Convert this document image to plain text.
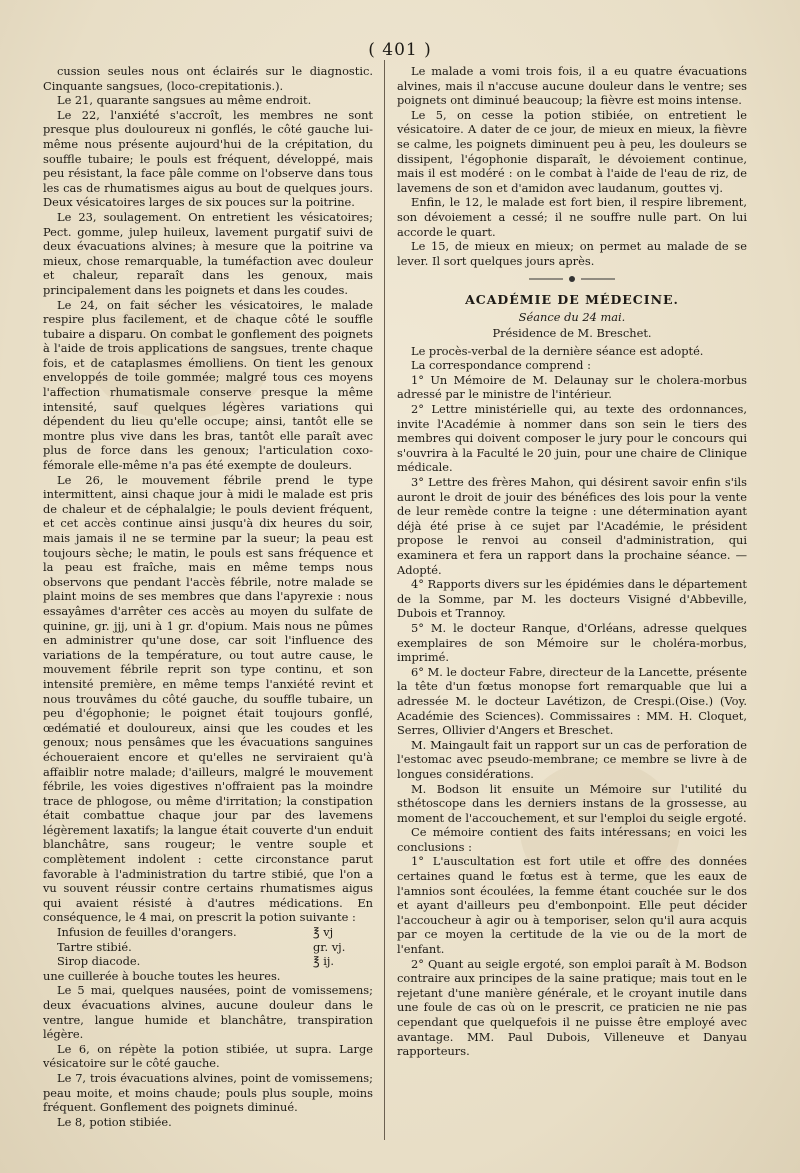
( 401 )

cussion seules nous ont éclairés sur le diagnostic. Cinquante sangsues, (loco-crepitationis.).

Le 21, quarante sangsues au même endroit.

Le 22, l'anxiété s'accroît, les membres ne sont presque plus douloureux ni gonflés, le côté gauche lui-même nous présente aujourd'hui de la crépitation, du souffle tubaire; le pouls est fréquent, développé, mais peu résistant, la face pâle comme on l'observe dans tous les cas de rhumatismes aigus au bout de quelques jours. Deux vésicatoires larges de six pouces sur la poitrine.

Le 23, soulagement. On entretient les vésicatoires; Pect. gomme, julep huileux, lavement purgatif suivi de deux évacuations alvines; à mesure que la poitrine va mieux, chose remarquable, la tuméfaction avec douleur et chaleur, reparaît dans les genoux, mais principalement dans les poignets et dans les coudes.

Le 24, on fait sécher les vésicatoires, le malade respire plus facilement, et de chaque côté le souffle tubaire a disparu. On combat le gonflement des poignets à l'aide de trois applications de sangsues, trente chaque fois, et de cataplasmes émolliens. On tient les genoux enveloppés de toile gommée; malgré tous ces moyens l'affection rhumatismale conserve presque la même intensité, sauf quelques légères variations qui dépendent du lieu qu'elle occupe; ainsi, tantôt elle se montre plus vive dans les bras, tantôt elle paraît avec plus de force dans les genoux; l'articulation coxo-fémorale elle-même n'a pas été exempte de douleurs.

Le 26, le mouvement fébrile prend le type intermittent, ainsi chaque jour à midi le malade est pris de chaleur et de céphalalgie; le pouls devient fréquent, et cet accès continue ainsi jusqu'à dix heures du soir, mais jamais il ne se termine par la sueur; la peau est toujours sèche; le matin, le pouls est sans fréquence et la peau est fraîche, mais en même temps nous observons que pendant l'accès fébrile, notre malade se plaint moins de ses membres que dans l'apyrexie : nous essayâmes d'arrêter ces accès au moyen du sulfate de quinine, gr. jjj, uni à 1 gr. d'opium. Mais nous ne pûmes en administrer qu'une dose, car soit l'influence des variations de la température, ou tout autre cause, le mouvement fébrile reprit son type continu, et son intensité première, en même temps l'anxiété revint et nous trouvâmes du côté gauche, du souffle tubaire, un peu d'égophonie; le poignet était toujours gonflé, œdématié et douloureux, ainsi que les coudes et les genoux; nous pensâmes que les évacuations sanguines échoueraient encore et qu'elles ne serviraient qu'à affaiblir notre malade; d'ailleurs, malgré le mouvement fébrile, les voies digestives n'offraient pas la moindre trace de phlogose, ou même d'irritation; la constipation était combattue chaque jour par des lavemens légèrement laxatifs; la langue était couverte d'un enduit blanchâtre, sans rougeur; le ventre souple et complètement indolent : cette circonstance parut favorable à l'administration du tartre stibié, que l'on a vu souvent réussir contre certains rhumatismes aigus qui avaient résisté à d'autres médications. En conséquence, le 4 mai, on prescrit la potion suivante :

Infusion de feuilles d'orangers.	℥ vj

Tartre stibié.	gr. vj.

Sirop diacode.	℥ ij.

une cuillerée à bouche toutes les heures.

Le 5 mai, quelques nausées, point de vomissemens; deux évacuations alvines, aucune douleur dans le ventre, langue humide et blanchâtre, transpiration légère.

Le 6, on répète la potion stibiée, ut supra. Large vésicatoire sur le côté gauche.

Le 7, trois évacuations alvines, point de vomissemens; peau moite, et moins chaude; pouls plus souple, moins fréquent. Gonflement des poignets diminué.

Le 8, potion stibiée.

Le malade a vomi trois fois, il a eu quatre évacuations alvines, mais il n'accuse aucune douleur dans le ventre; ses poignets ont diminué beaucoup; la fièvre est moins intense.

Le 5, on cesse la potion stibiée, on entretient le vésicatoire. A dater de ce jour, de mieux en mieux, la fièvre se calme, les poignets diminuent peu à peu, les douleurs se dissipent, l'égophonie disparaît, le dévoiement continue, mais il est modéré : on le combat à l'aide de l'eau de riz, de lavemens de son et d'amidon avec laudanum, gouttes vj.

Enfin, le 12, le malade est fort bien, il respire librement, son dévoiement a cessé; il ne souffre nulle part. On lui accorde le quart.

Le 15, de mieux en mieux; on permet au malade de se lever. Il sort quelques jours après.

ACADÉMIE DE MÉDECINE.
Séance du 24 mai.
Présidence de M. Breschet.

Le procès-verbal de la dernière séance est adopté.

La correspondance comprend :

1° Un Mémoire de M. Delaunay sur le cholera-morbus adressé par le ministre de l'intérieur.

2° Lettre ministérielle qui, au texte des ordonnances, invite l'Académie à nommer dans son sein le tiers des membres qui doivent composer le jury pour le concours qui s'ouvrira à la Faculté le 20 juin, pour une chaire de Clinique médicale.

3° Lettre des frères Mahon, qui désirent savoir enfin s'ils auront le droit de jouir des bénéfices des lois pour la vente de leur remède contre la teigne : une détermination ayant déjà été prise à ce sujet par l'Académie, le président propose le renvoi au conseil d'administration, qui examinera et fera un rapport dans la prochaine séance. — Adopté.

4° Rapports divers sur les épidémies dans le département de la Somme, par M. les docteurs Visigné d'Abbeville, Dubois et Trannoy.

5° M. le docteur Ranque, d'Orléans, adresse quelques exemplaires de son Mémoire sur le choléra-morbus, imprimé.

6° M. le docteur Fabre, directeur de la Lancette, présente la tête d'un fœtus monopse fort remarquable que lui a adressée M. le docteur Lavétizon, de Crespi.(Oise.) (Voy. Académie des Sciences). Commissaires : MM. H. Cloquet, Serres, Ollivier d'Angers et Breschet.

M. Maingault fait un rapport sur un cas de perforation de l'estomac avec pseudo-membrane; ce membre se livre à de longues considérations.

M. Bodson lit ensuite un Mémoire sur l'utilité du sthétoscope dans les derniers instans de la grossesse, au moment de l'accouchement, et sur l'emploi du seigle ergoté.

Ce mémoire contient des faits intéressans; en voici les conclusions :

1° L'auscultation est fort utile et offre des données certaines quand le fœtus est à terme, que les eaux de l'amnios sont écoulées, la femme étant couchée sur le dos et ayant d'ailleurs peu d'embonpoint. Elle peut décider l'accoucheur à agir ou à temporiser, selon qu'il aura acquis par ce moyen la certitude de la vie ou de la mort de l'enfant.

2° Quant au seigle ergoté, son emploi paraît à M. Bodson contraire aux principes de la saine pratique; mais tout en le rejetant d'une manière générale, et le croyant inutile dans une foule de cas où on le prescrit, ce praticien ne nie pas cependant que quelquefois il ne puisse être employé avec avantage. MM. Paul Dubois, Villeneuve et Danyau rapporteurs.
